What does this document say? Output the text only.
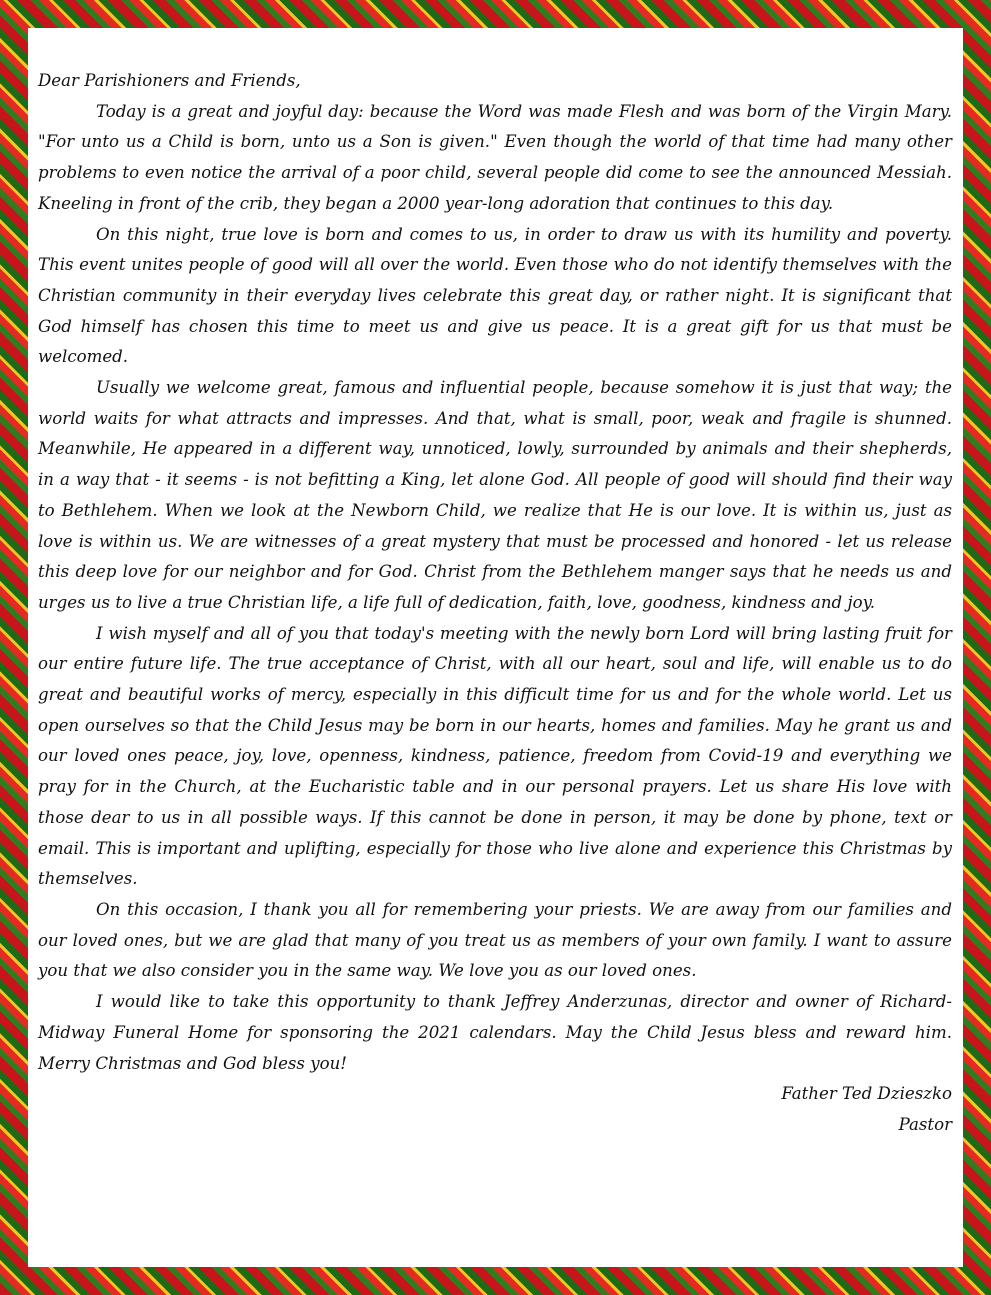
Dear Parishioners and Friends,

Today is a great and joyful day: because the Word was made Flesh and was born of the Virgin Mary. "For unto us a Child is born, unto us a Son is given." Even though the world of that time had many other problems to even notice the arrival of a poor child, several people did come to see the announced Messiah. Kneeling in front of the crib, they began a 2000 year-long adoration that continues to this day.

On this night, true love is born and comes to us, in order to draw us with its humility and poverty. This event unites people of good will all over the world. Even those who do not identify themselves with the Christian community in their everyday lives celebrate this great day, or rather night. It is significant that God himself has chosen this time to meet us and give us peace. It is a great gift for us that must be welcomed.

Usually we welcome great, famous and influential people, because somehow it is just that way; the world waits for what attracts and impresses. And that, what is small, poor, weak and fragile is shunned. Meanwhile, He appeared in a different way, unnoticed, lowly, surrounded by animals and their shepherds, in a way that - it seems - is not befitting a King, let alone God. All people of good will should find their way to Bethlehem. When we look at the Newborn Child, we realize that He is our love. It is within us, just as love is within us. We are witnesses of a great mystery that must be processed and honored - let us release this deep love for our neighbor and for God. Christ from the Bethlehem manger says that he needs us and urges us to live a true Christian life, a life full of dedication, faith, love, goodness, kindness and joy.

I wish myself and all of you that today's meeting with the newly born Lord will bring lasting fruit for our entire future life. The true acceptance of Christ, with all our heart, soul and life, will enable us to do great and beautiful works of mercy, especially in this difficult time for us and for the whole world. Let us open ourselves so that the Child Jesus may be born in our hearts, homes and families. May he grant us and our loved ones peace, joy, love, openness, kindness, patience, freedom from Covid-19 and everything we pray for in the Church, at the Eucharistic table and in our personal prayers. Let us share His love with those dear to us in all possible ways. If this cannot be done in person, it may be done by phone, text or email. This is important and uplifting, especially for those who live alone and experience this Christmas by themselves.

On this occasion, I thank you all for remembering your priests. We are away from our families and our loved ones, but we are glad that many of you treat us as members of your own family. I want to assure you that we also consider you in the same way. We love you as our loved ones.

I would like to take this opportunity to thank Jeffrey Anderzunas, director and owner of Richard-Midway Funeral Home for sponsoring the 2021 calendars. May the Child Jesus bless and reward him. Merry Christmas and God bless you!

Father Ted Dzieszko

Pastor
